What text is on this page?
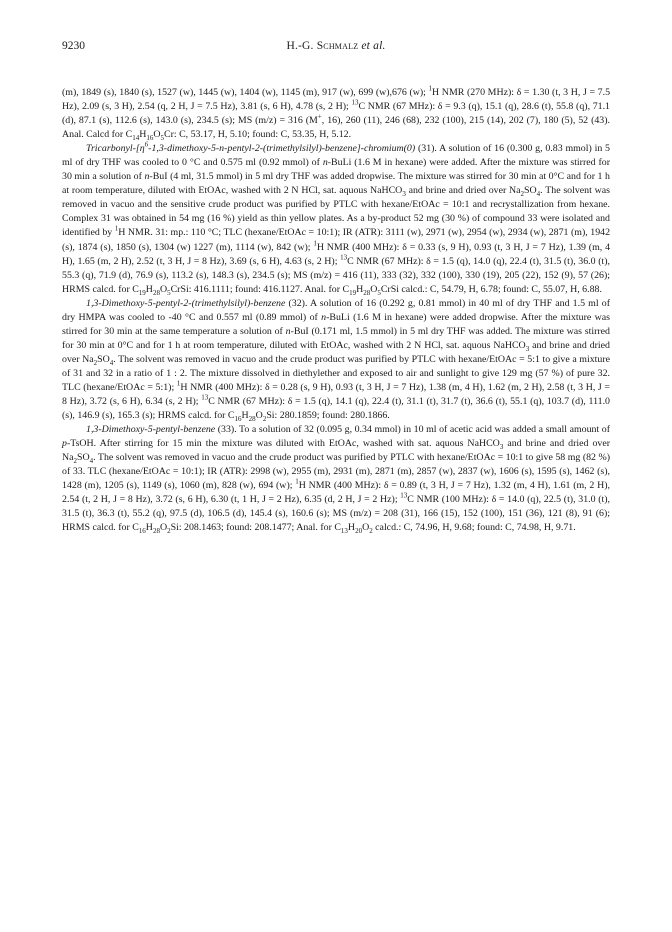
9230	H.-G. Schmalz et al.

(m), 1849 (s), 1840 (s), 1527 (w), 1445 (w), 1404 (w), 1145 (m), 917 (w), 699 (w),676 (w); $^1$H NMR (270 MHz): δ = 1.30 (t, 3 H, J = 7.5 Hz), 2.09 (s, 3 H), 2.54 (q, 2 H, J = 7.5 Hz), 3.81 (s, 6 H), 4.78 (s, 2 H); $^{13}$C NMR (67 MHz): δ = 9.3 (q), 15.1 (q), 28.6 (t), 55.8 (q), 71.1 (d), 87.1 (s), 112.6 (s), 143.0 (s), 234.5 (s); MS (m/z) = 316 (M+, 16), 260 (11), 246 (68), 232 (100), 215 (14), 202 (7), 180 (5), 52 (43). Anal. Calcd for $C_{14}H_{16}O_5Cr$: C, 53.17, H, 5.10; found: C, 53.35, H, 5.12.

Tricarbonyl-$[\eta^6-1,3-dimethoxy-5-n-pentyl-2-(trimethylsilyl)-benzene]-chromium(0)$ (31). A solution of 16 (0.300 g, 0.83 mmol) in 5 ml of dry THF was cooled to 0 °C and 0.575 ml (0.92 mmol) of n-BuLi (1.6 M in hexane) were added. After the mixture was stirred for 30 min a solution of n-BuI (4 ml, 31.5 mmol) in 5 ml dry THF was added dropwise. The mixture was stirred for 30 min at 0°C and for 1 h at room temperature, diluted with EtOAc, washed with 2 N HCl, sat. aquous NaHCO$_3$ and brine and dried over $Na_2SO_4$. The solvent was removed in vacuo and the sensitive crude product was purified by PTLC with hexane/EtOAc = 10:1 and recrystallization from hexane. Complex 31 was obtained in 54 mg (16 %) yield as thin yellow plates. As a by-product 52 mg (30 %) of compound 33 were isolated and identified by $^1$H NMR. 31: mp.: 110 °C; TLC (hexane/EtOAc = 10:1); IR (ATR): 3111 (w), 2971 (w), 2954 (w), 2934 (w), 2871 (m), 1942 (s), 1874 (s), 1850 (s), 1304 (w) 1227 (m), 1114 (w), 842 (w); $^1$H NMR (400 MHz): δ = 0.33 (s, 9 H), 0.93 (t, 3 H, J = 7 Hz), 1.39 (m, 4 H), 1.65 (m, 2 H), 2.52 (t, 3 H, J = 8 Hz), 3.69 (s, 6 H), 4.63 (s, 2 H); $^{13}$C NMR (67 MHz): δ = 1.5 (q), 14.0 (q), 22.4 (t), 31.5 (t), 36.0 (t), 55.3 (q), 71.9 (d), 76.9 (s), 113.2 (s), 148.3 (s), 234.5 (s); MS (m/z) = 416 (11), 333 (32), 332 (100), 330 (19), 205 (22), 152 (9), 57 (26); HRMS calcd. for $C_{19}H_{28}O_5CrSi$: 416.1111; found: 416.1127. Anal. for $C_{19}H_{28}O_5CrSi$ calcd.: C, 54.79, H, 6.78; found: C, 55.07, H, 6.88.

1,3-Dimethoxy-5-pentyl-2-(trimethylsilyl)-benzene (32). A solution of 16 (0.292 g, 0.81 mmol) in 40 ml of dry THF and 1.5 ml of dry HMPA was cooled to -40 °C and 0.557 ml (0.89 mmol) of n-BuLi (1.6 M in hexane) were added dropwise. After the mixture was stirred for 30 min at the same temperature a solution of n-BuI (0.171 ml, 1.5 mmol) in 5 ml dry THF was added. The mixture was stirred for 30 min at 0°C and for 1 h at room temperature, diluted with EtOAc, washed with 2 N HCl, sat. aquous NaHCO$_3$ and brine and dried over $Na_2SO_4$. The solvent was removed in vacuo and the crude product was purified by PTLC with hexane/EtOAc = 5:1 to give a mixture of 31 and 32 in a ratio of 1 : 2. The mixture dissolved in diethylether and exposed to air and sunlight to give 129 mg (57 %) of pure 32. TLC (hexane/EtOAc = 5:1); $^1$H NMR (400 MHz): δ = 0.28 (s, 9 H), 0.93 (t, 3 H, J = 7 Hz), 1.38 (m, 4 H), 1.62 (m, 2 H), 2.58 (t, 3 H, J = 8 Hz), 3.72 (s, 6 H), 6.34 (s, 2 H); $^{13}$C NMR (67 MHz): δ = 1.5 (q), 14.1 (q), 22.4 (t), 31.1 (t), 31.7 (t), 36.6 (t), 55.1 (q), 103.7 (d), 111.0 (s), 146.9 (s), 165.3 (s); HRMS calcd. for $C_{16}H_{28}O_2Si$: 280.1859; found: 280.1866.

1,3-Dimethoxy-5-pentyl-benzene (33). To a solution of 32 (0.095 g, 0.34 mmol) in 10 ml of acetic acid was added a small amount of p-TsOH. After stirring for 15 min the mixture was diluted with EtOAc, washed with sat. aquous NaHCO$_3$ and brine and dried over $Na_2SO_4$. The solvent was removed in vacuo and the crude product was purified by PTLC with hexane/EtOAc = 10:1 to give 58 mg (82 %) of 33. TLC (hexane/EtOAc = 10:1); IR (ATR): 2998 (w), 2955 (m), 2931 (m), 2871 (m), 2857 (w), 2837 (w), 1606 (s), 1595 (s), 1462 (s), 1428 (m), 1205 (s), 1149 (s), 1060 (m), 828 (w), 694 (w); $^1$H NMR (400 MHz): δ = 0.89 (t, 3 H, J = 7 Hz), 1.32 (m, 4 H), 1.61 (m, 2 H), 2.54 (t, 2 H, J = 8 Hz), 3.72 (s, 6 H), 6.30 (t, 1 H, J = 2 Hz), 6.35 (d, 2 H, J = 2 Hz); $^{13}$C NMR (100 MHz): δ = 14.0 (q), 22.5 (t), 31.0 (t), 31.5 (t), 36.3 (t), 55.2 (q), 97.5 (d), 106.5 (d), 145.4 (s), 160.6 (s); MS (m/z) = 208 (31), 166 (15), 152 (100), 151 (36), 121 (8), 91 (6); HRMS calcd. for $C_{16}H_{28}O_2Si$: 208.1463; found: 208.1477; Anal. for $C_{13}H_{20}O_2$ calcd.: C, 74.96, H, 9.68; found: C, 74.98, H, 9.71.
